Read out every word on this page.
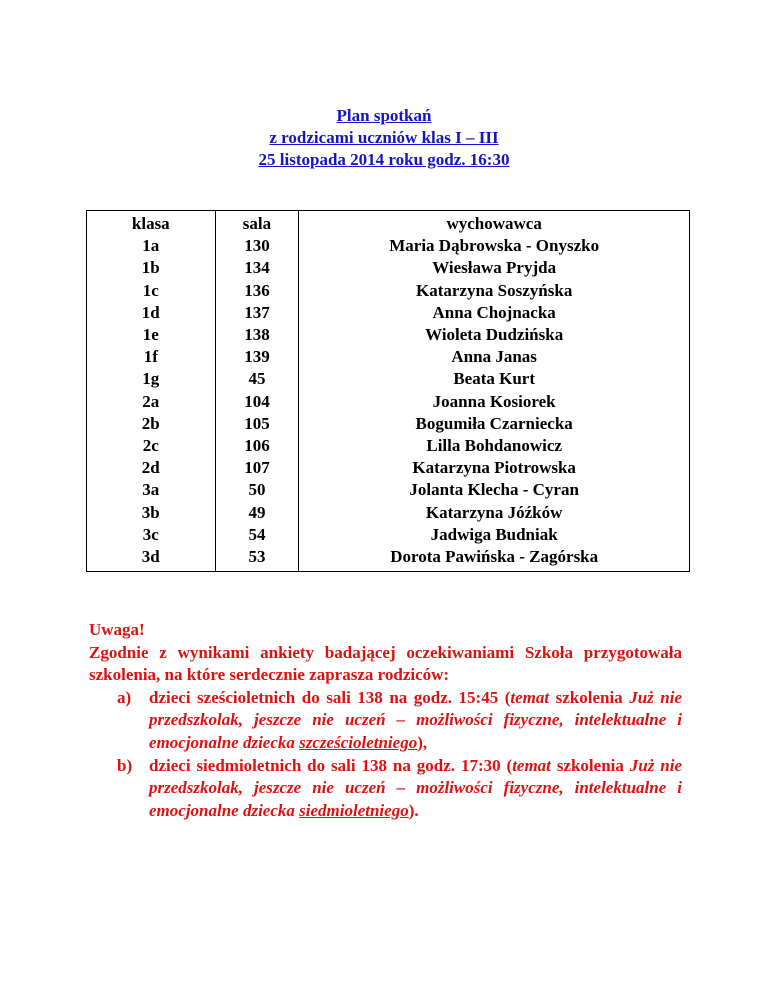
Plan spotkań
z rodzicami uczniów klas I – III
25 listopada 2014 roku godz. 16:30
klasa	sala	wychowawca
1a	130	Maria Dąbrowska - Onyszko
1b	134	Wiesława Pryjda
1c	136	Katarzyna Soszyńska
1d	137	Anna Chojnacka
1e	138	Wioleta Dudzińska
1f	139	Anna Janas
1g	45	Beata Kurt
2a	104	Joanna Kosiorek
2b	105	Bogumiła Czarniecka
2c	106	Lilla Bohdanowicz
2d	107	Katarzyna Piotrowska
3a	50	Jolanta Klecha - Cyran
3b	49	Katarzyna Jóźków
3c	54	Jadwiga Budniak
3d	53	Dorota Pawińska - Zagórska

Uwaga!

Zgodnie z wynikami ankiety badającej oczekiwaniami Szkoła przygotowała szkolenia, na które serdecznie zaprasza rodziców:

a) dzieci sześcioletnich do sali 138 na godz. 15:45 (temat szkolenia Już nie przedszkolak, jeszcze nie uczeń – możliwości fizyczne, intelektualne i emocjonalne dziecka szcześcioletniego),
b) dzieci siedmioletnich do sali 138 na godz. 17:30 (temat szkolenia Już nie przedszkolak, jeszcze nie uczeń – możliwości fizyczne, intelektualne i emocjonalne dziecka siedmioletniego).
